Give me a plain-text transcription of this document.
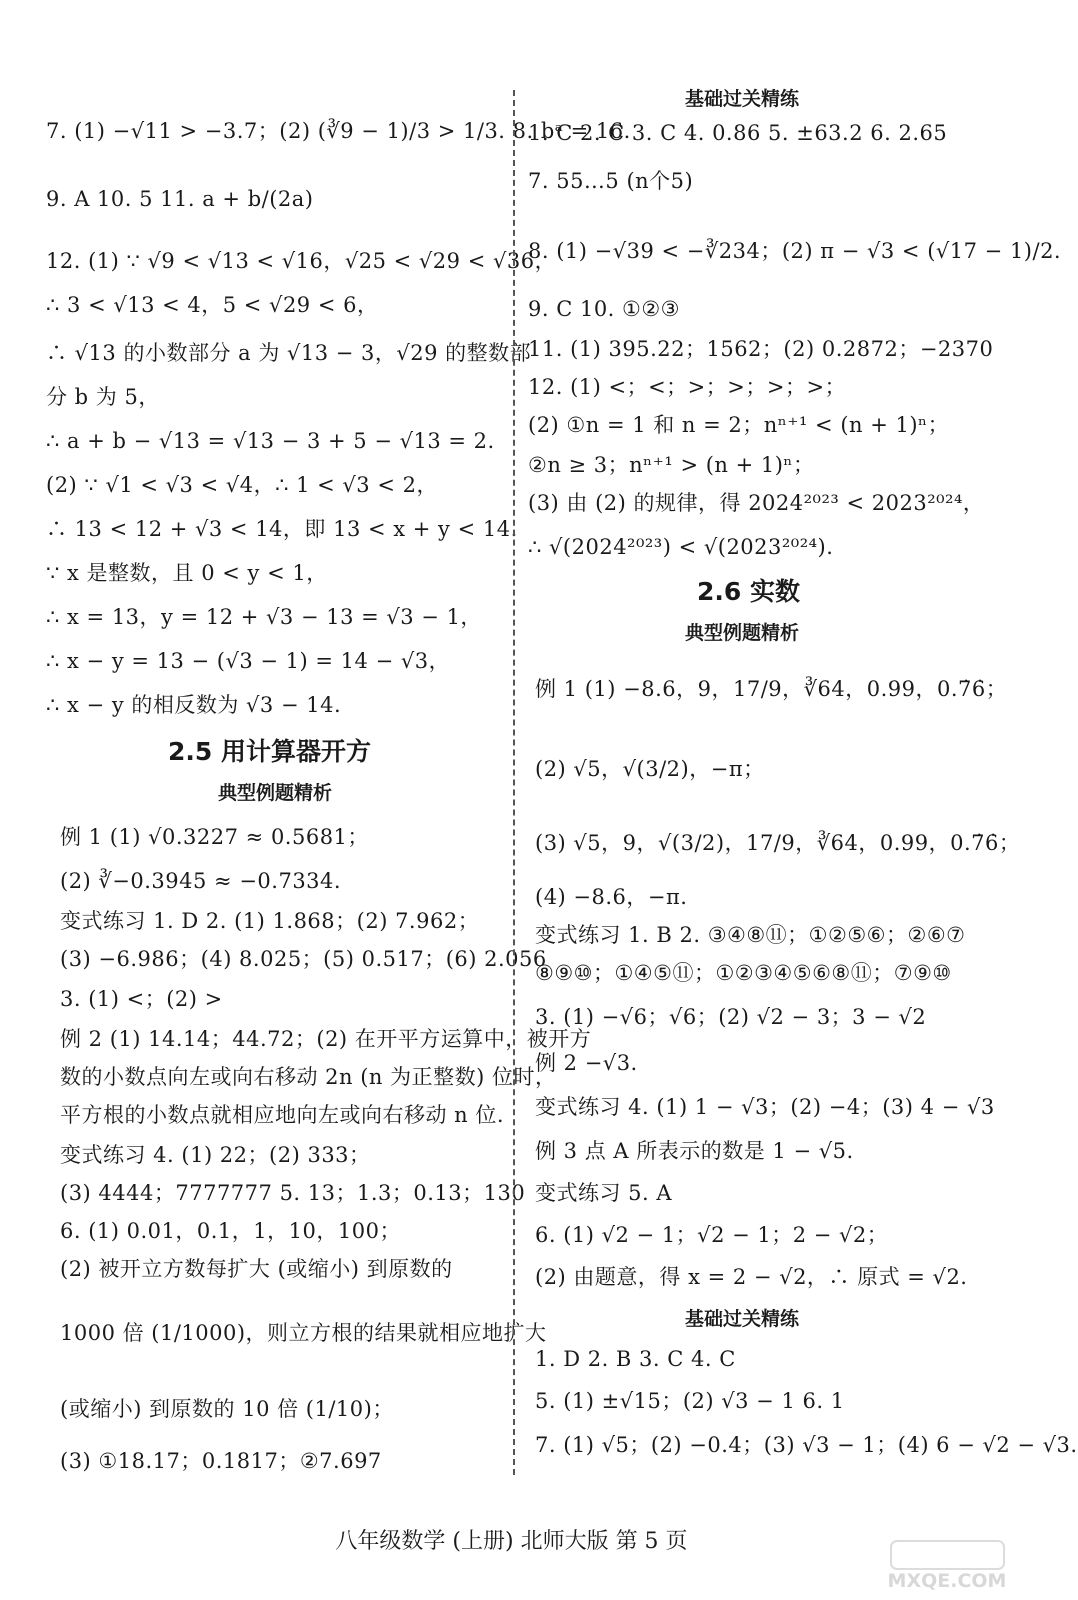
7. (1) −√11 > −3.7；(2) (∛9 − 1)/3 > 1/3. 8. bᵃ = 16.
9. A 10. 5 11. a + b/(2a)
12. (1) ∵ √9 < √13 < √16，√25 < √29 < √36，
∴ 3 < √13 < 4，5 < √29 < 6，
∴ √13 的小数部分 a 为 √13 − 3，√29 的整数部
分 b 为 5，
∴ a + b − √13 = √13 − 3 + 5 − √13 = 2.
(2) ∵ √1 < √3 < √4，∴ 1 < √3 < 2，
∴ 13 < 12 + √3 < 14，即 13 < x + y < 14.
∵ x 是整数，且 0 < y < 1，
∴ x = 13，y = 12 + √3 − 13 = √3 − 1，
∴ x − y = 13 − (√3 − 1) = 14 − √3，
∴ x − y 的相反数为 √3 − 14.
2.5 用计算器开方
典型例题精析
例 1 (1) √0.3227 ≈ 0.5681；
(2) ∛−0.3945 ≈ −0.7334.
变式练习 1. D 2. (1) 1.868；(2) 7.962；
(3) −6.986；(4) 8.025；(5) 0.517；(6) 2.056
3. (1) <；(2) >
例 2 (1) 14.14；44.72；(2) 在开平方运算中，被开方
数的小数点向左或向右移动 2n (n 为正整数) 位时，
平方根的小数点就相应地向左或向右移动 n 位.
变式练习 4. (1) 22；(2) 333；
(3) 4444；7777777 5. 13；1.3；0.13；130
6. (1) 0.01，0.1，1，10，100；
(2) 被开立方数每扩大 (或缩小) 到原数的
1000 倍 (1/1000)，则立方根的结果就相应地扩大
(或缩小) 到原数的 10 倍 (1/10)；
(3) ①18.17；0.1817；②7.697
基础过关精练
1. C 2. C 3. C 4. 0.86 5. ±63.2 6. 2.65
7. 55…5 (n个5)
8. (1) −√39 < −∛234；(2) π − √3 < (√17 − 1)/2.
9. C 10. ①②③
11. (1) 395.22；1562；(2) 0.2872；−2370
12. (1) <；<；>；>；>；>；
(2) ①n = 1 和 n = 2；nⁿ⁺¹ < (n + 1)ⁿ；
②n ≥ 3；nⁿ⁺¹ > (n + 1)ⁿ；
(3) 由 (2) 的规律，得 2024²⁰²³ < 2023²⁰²⁴，
∴ √(2024²⁰²³) < √(2023²⁰²⁴).
2.6 实数
典型例题精析
例 1 (1) −8.6，9，17/9，∛64，0.99，0.7̇6̇；
(2) √5，√(3/2)，−π；
(3) √5，9，√(3/2)，17/9，∛64，0.99，0.7̇6̇；
(4) −8.6，−π.
变式练习 1. B 2. ③④⑧⑪；①②⑤⑥；②⑥⑦
⑧⑨⑩；①④⑤⑪；①②③④⑤⑥⑧⑪；⑦⑨⑩
3. (1) −√6；√6；(2) √2 − 3；3 − √2
例 2 −√3.
变式练习 4. (1) 1 − √3；(2) −4；(3) 4 − √3
例 3 点 A 所表示的数是 1 − √5.
变式练习 5. A
6. (1) √2 − 1；√2 − 1；2 − √2；
(2) 由题意，得 x = 2 − √2，∴ 原式 = √2.
基础过关精练
1. D 2. B 3. C 4. C
5. (1) ±√15；(2) √3 − 1 6. 1
7. (1) √5；(2) −0.4；(3) √3 − 1；(4) 6 − √2 − √3.
八年级数学 (上册) 北师大版 第 5 页
MXQE.COM
